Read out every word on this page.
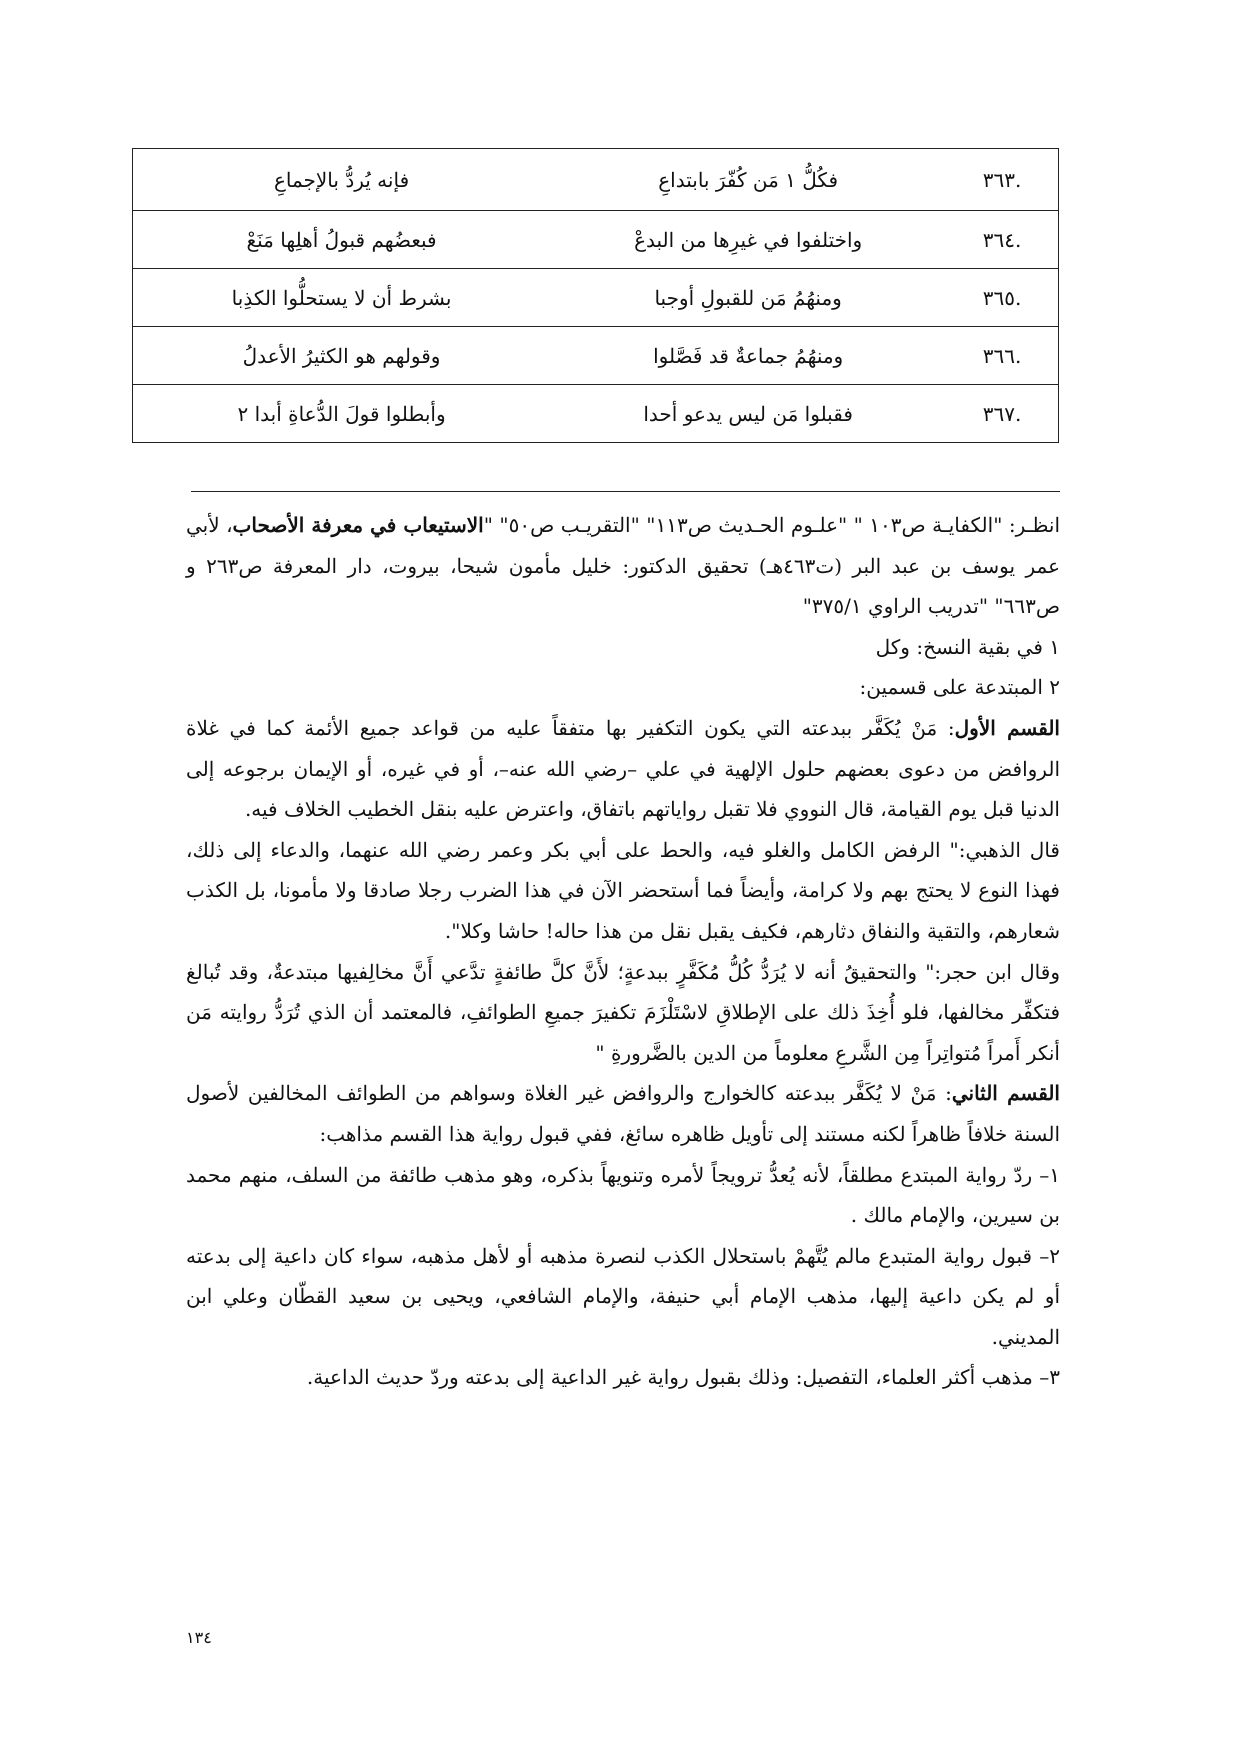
.٣٦٣	فكُلُّ ١ مَن كُفّرَ بابتداعِ	فإنه يُردُّ بالإجماعِ
.٣٦٤	واختلفوا في غيرِها من البدعْ	فبعضُهم قبولُ أهلِها مَنَعْ
.٣٦٥	ومنهُمُ مَن للقبولِ أوجبا	بشرط أن لا يستحلُّوا الكذِبا
.٣٦٦	ومنهُمُ جماعةٌ قد فَصَّلوا	وقولهم هو الكثيرُ الأعدلُ
.٣٦٧	فقبلوا مَن ليس يدعو أحدا	وأبطلوا قولَ الدُّعاةِ أبدا ٢

انظـر: "الكفايـة ص١٠٣ " "علـوم الحـديث ص١١٣" "التقريـب ص٥٠" "الاستيعاب في معرفة الأصحاب، لأبي عمر يوسف بن عبد البر (ت٤٦٣هـ) تحقيق الدكتور: خليل مأمون شيحا، بيروت، دار المعرفة ص٢٦٣ و ص٦٦٣" "تدريب الراوي ٣٧٥/١"

١ في بقية النسخ: وكل

٢ المبتدعة على قسمين:

القسم الأول: مَنْ يُكَفَّر ببدعته التي يكون التكفير بها متفقاً عليه من قواعد جميع الأئمة كما في غلاة الروافض من دعوى بعضهم حلول الإلهية في علي –رضي الله عنه–، أو في غيره، أو الإيمان برجوعه إلى الدنيا قبل يوم القيامة، قال النووي فلا تقبل رواياتهم باتفاق، واعترض عليه بنقل الخطيب الخلاف فيه.

قال الذهبي:" الرفض الكامل والغلو فيه، والحط على أبي بكر وعمر رضي الله عنهما، والدعاء إلى ذلك، فهذا النوع لا يحتج بهم ولا كرامة، وأيضاً فما أستحضر الآن في هذا الضرب رجلا صادقا ولا مأمونا، بل الكذب شعارهم، والتقية والنفاق دثارهم، فكيف يقبل نقل من هذا حاله! حاشا وكلا".

وقال ابن حجر:" والتحقيقُ أنه لا يُرَدُّ كُلُّ مُكَفَّرٍ ببدعةٍ؛ لأَنَّ كلَّ طائفةٍ تدَّعي أَنَّ مخالِفيها مبتدعةٌ، وقد تُبالغ فتكفِّر مخالفها، فلو أُخِذَ ذلك على الإطلاقِ لاسْتَلْزَمَ تكفيرَ جميعِ الطوائفِ، فالمعتمد أن الذي تُرَدُّ روايته مَن أنكر أَمراً مُتواتِراً مِن الشَّرعِ معلوماً من الدين بالضَّرورةِ "

القسم الثاني: مَنْ لا يُكَفَّر ببدعته كالخوارج والروافض غير الغلاة وسواهم من الطوائف المخالفين لأصول السنة خلافاً ظاهراً لكنه مستند إلى تأويل ظاهره سائغ، ففي قبول رواية هذا القسم مذاهب:

١– ردّ رواية المبتدع مطلقاً، لأنه يُعدُّ ترويجاً لأمره وتنويهاً بذكره، وهو مذهب طائفة من السلف، منهم محمد بن سيرين، والإمام مالك .

٢– قبول رواية المتبدع مالم يُتَّهمْ باستحلال الكذب لنصرة مذهبه أو لأهل مذهبه، سواء كان داعية إلى بدعته أو لم يكن داعية إليها، مذهب الإمام أبي حنيفة، والإمام الشافعي، ويحيى بن سعيد القطّان وعلي ابن المديني.

٣– مذهب أكثر العلماء، التفصيل: وذلك بقبول رواية غير الداعية إلى بدعته وردّ حديث الداعية.

١٣٤
